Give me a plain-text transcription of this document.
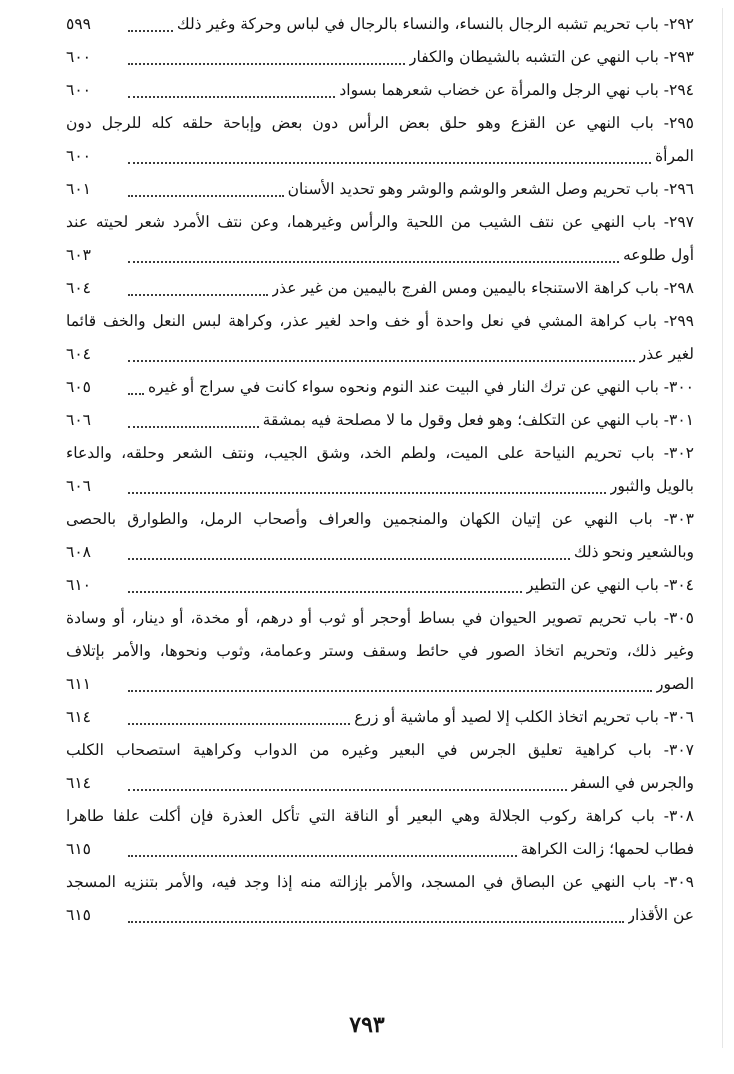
٢٩٢- باب تحريم تشبه الرجال بالنساء، والنساء بالرجال في لباس وحركة وغير ذلك
٥٩٩
٢٩٣- باب النهي عن التشبه بالشيطان والكفار
٦٠٠
٢٩٤- باب نهي الرجل والمرأة عن خضاب شعرهما بسواد
٦٠٠
٢٩٥- باب النهي عن القزع وهو حلق بعض الرأس دون بعض وإباحة حلقه كله للرجل دون
المرأة
٦٠٠
٢٩٦- باب تحريم وصل الشعر والوشم والوشر وهو تحديد الأسنان
٦٠١
٢٩٧- باب النهي عن نتف الشيب من اللحية والرأس وغيرهما، وعن نتف الأمرد شعر لحيته عند
أول طلوعه
٦٠٣
٢٩٨- باب كراهة الاستنجاء باليمين ومس الفرج باليمين من غير عذر
٦٠٤
٢٩٩- باب كراهة المشي في نعل واحدة أو خف واحد لغير عذر، وكراهة لبس النعل والخف قائما
لغير عذر
٦٠٤
٣٠٠- باب النهي عن ترك النار في البيت عند النوم ونحوه سواء كانت في سراج أو غيره
٦٠٥
٣٠١- باب النهي عن التكلف؛ وهو فعل وقول ما لا مصلحة فيه بمشقة
٦٠٦
٣٠٢- باب تحريم النياحة على الميت، ولطم الخد، وشق الجيب، ونتف الشعر وحلقه، والدعاء
بالويل والثبور
٦٠٦
٣٠٣- باب النهي عن إتيان الكهان والمنجمين والعراف وأصحاب الرمل، والطوارق بالحصى
وبالشعير ونحو ذلك
٦٠٨
٣٠٤- باب النهي عن التطير
٦١٠
٣٠٥- باب تحريم تصوير الحيوان في بساط أوحجر أو ثوب أو درهم، أو مخدة، أو دينار، أو وسادة
وغير ذلك، وتحريم اتخاذ الصور في حائط وسقف وستر وعمامة، وثوب ونحوها، والأمر بإتلاف
الصور
٦١١
٣٠٦- باب تحريم اتخاذ الكلب إلا لصيد أو ماشية أو زرع
٦١٤
٣٠٧- باب كراهية تعليق الجرس في البعير وغيره من الدواب وكراهية استصحاب الكلب
والجرس في السفر
٦١٤
٣٠٨- باب كراهة ركوب الجلالة وهي البعير أو الناقة التي تأكل العذرة فإن أكلت علفا طاهرا
فطاب لحمها؛ زالت الكراهة
٦١٥
٣٠٩- باب النهي عن البصاق في المسجد، والأمر بإزالته منه إذا وجد فيه، والأمر بتنزيه المسجد
عن الأقذار
٦١٥
٧٩٣
